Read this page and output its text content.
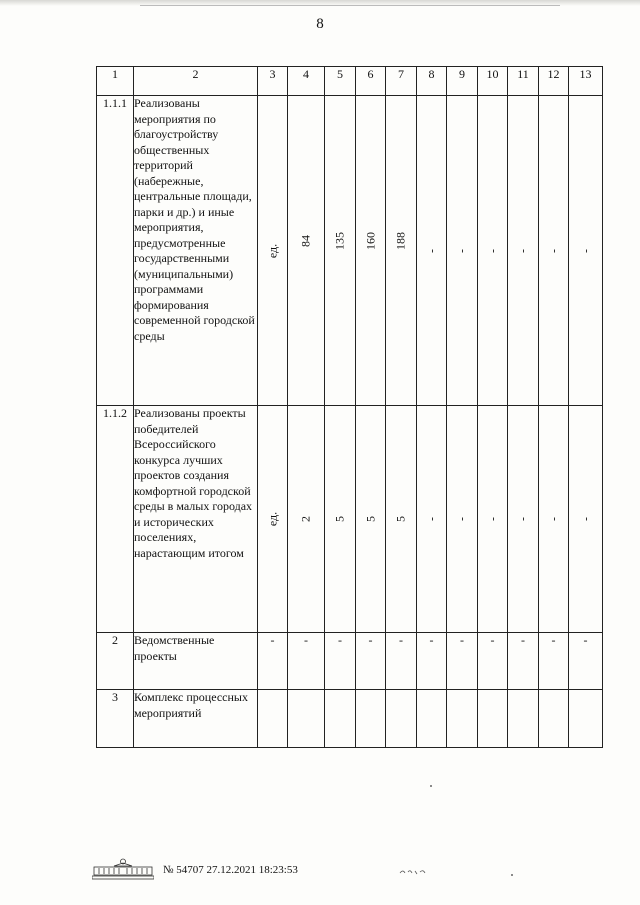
8
1	2	3	4	5	6	7	8	9	10	11	12	13
1.1.1	Реализованы мероприятия по благоустройству общественных территорий (набережные, центральные площади, парки и др.) и иные мероприятия, предусмотренные государственными (муниципальными) программами формирования современной городской среды	ед.	84	135	160	188	-	-	-	-	-	-

1.1.2	Реализованы проекты победителей Всероссийского конкурса лучших проектов создания комфортной городской среды в малых городах и исторических поселениях, нарастающим итогом	ед.	2	5	5	5	-	-	-	-	-	-

2	Ведомственные проекты	-	-	-	-	-	-	-	-	-	-	-
3	Комплекс процессных мероприятий											
№ 54707 27.12.2021 18:23:53
